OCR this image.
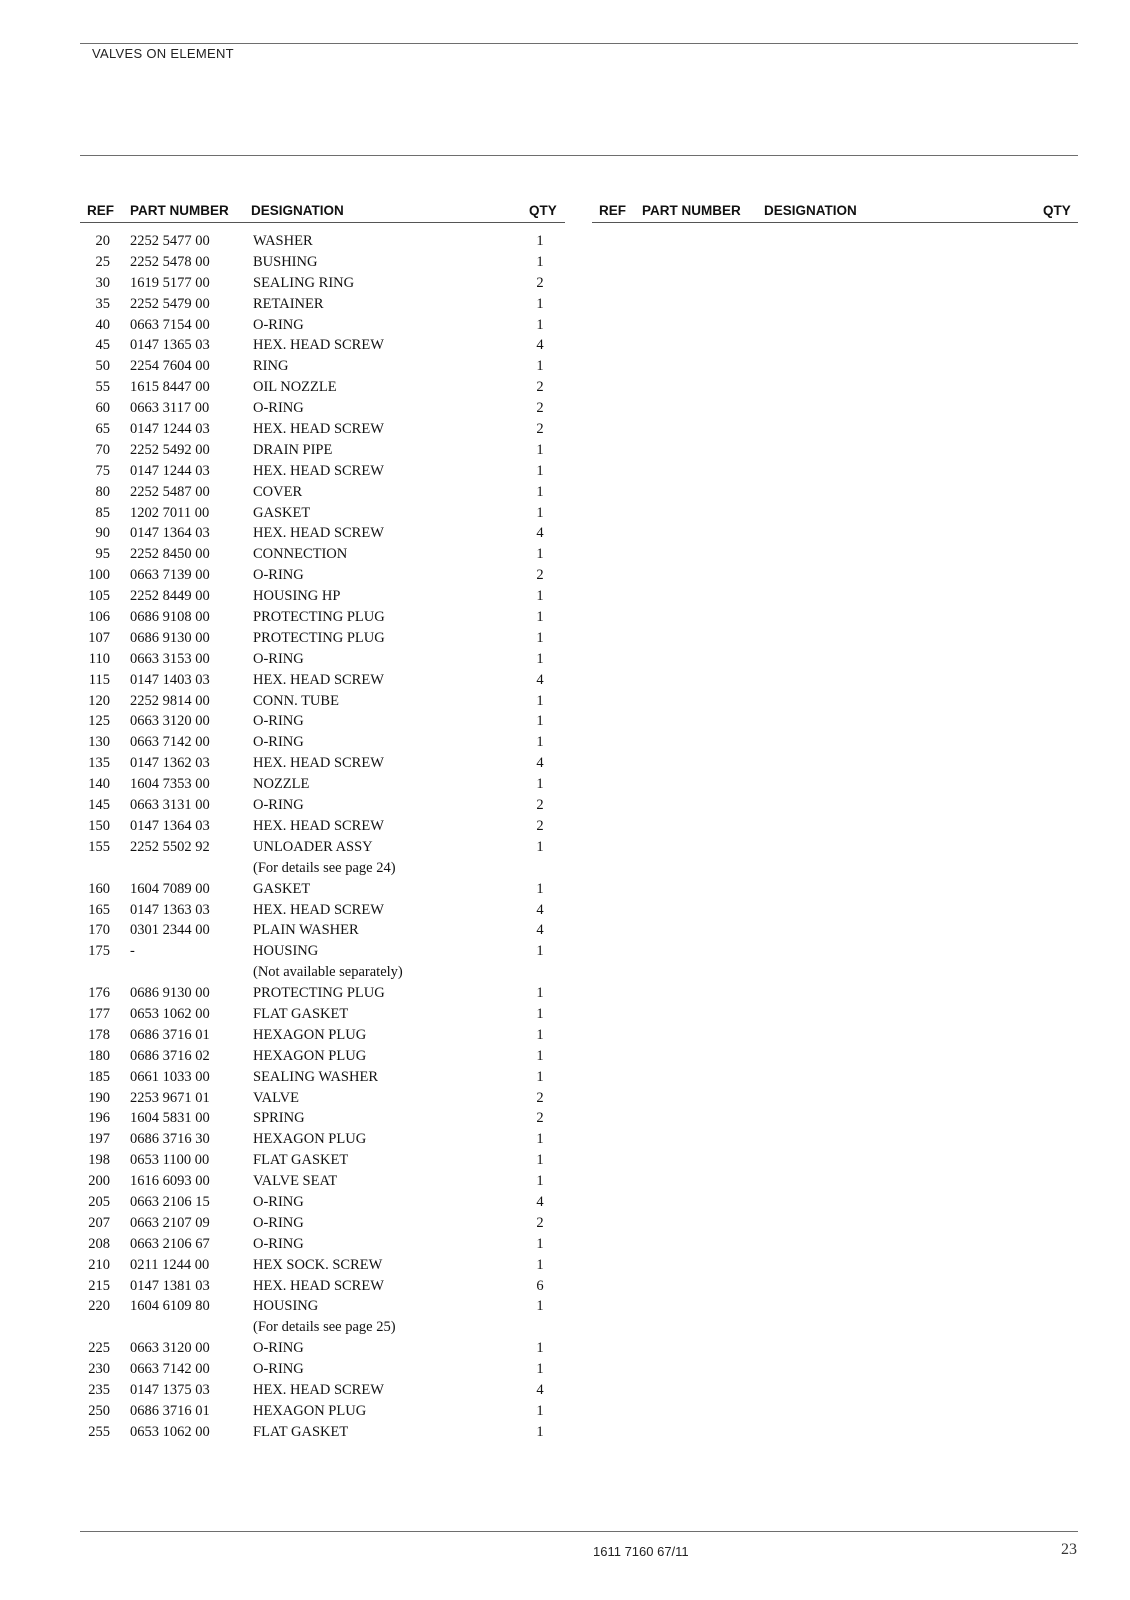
VALVES ON ELEMENT
REF PART NUMBER DESIGNATION	QTY	REF PART NUMBER DESIGNATION	QTY
20 2252 5477 00	WASHER	1
25 2252 5478 00	BUSHING	1
30 1619 5177 00	SEALING RING	2
35 2252 5479 00	RETAINER	1
40 0663 7154 00	O-RING	1
45 0147 1365 03	HEX. HEAD SCREW	4
50 2254 7604 00	RING	1
55 1615 8447 00	OIL NOZZLE	2
60 0663 3117 00	O-RING	2
65 0147 1244 03	HEX. HEAD SCREW	2
70 2252 5492 00	DRAIN PIPE	1
75 0147 1244 03	HEX. HEAD SCREW	1
80 2252 5487 00	COVER	1
85 1202 7011 00	GASKET	1
90 0147 1364 03	HEX. HEAD SCREW	4
95 2252 8450 00	CONNECTION	1
100 0663 7139 00	O-RING	2
105 2252 8449 00	HOUSING HP	1
106 0686 9108 00	PROTECTING PLUG	1
107 0686 9130 00	PROTECTING PLUG	1
110 0663 3153 00	O-RING	1
115 0147 1403 03	HEX. HEAD SCREW	4
120 2252 9814 00	CONN. TUBE	1
125 0663 3120 00	O-RING	1
130 0663 7142 00	O-RING	1
135 0147 1362 03	HEX. HEAD SCREW	4
140 1604 7353 00	NOZZLE	1
145 0663 3131 00	O-RING	2
150 0147 1364 03	HEX. HEAD SCREW	2
155 2252 5502 92	UNLOADER ASSY	1
(For details see page 24)
160 1604 7089 00	GASKET	1
165 0147 1363 03	HEX. HEAD SCREW	4
170 0301 2344 00	PLAIN WASHER	4
175 -	HOUSING	1
(Not available separately)
176 0686 9130 00	PROTECTING PLUG	1
177 0653 1062 00	FLAT GASKET	1
178 0686 3716 01	HEXAGON PLUG	1
180 0686 3716 02	HEXAGON PLUG	1
185 0661 1033 00	SEALING WASHER	1
190 2253 9671 01	VALVE	2
196 1604 5831 00	SPRING	2
197 0686 3716 30	HEXAGON PLUG	1
198 0653 1100 00	FLAT GASKET	1
200 1616 6093 00	VALVE SEAT	1
205 0663 2106 15	O-RING	4
207 0663 2107 09	O-RING	2
208 0663 2106 67	O-RING	1
210 0211 1244 00	HEX SOCK. SCREW	1
215 0147 1381 03	HEX. HEAD SCREW	6
220 1604 6109 80	HOUSING	1
(For details see page 25)
225 0663 3120 00	O-RING	1
230 0663 7142 00	O-RING	1
235 0147 1375 03	HEX. HEAD SCREW	4
250 0686 3716 01	HEXAGON PLUG	1
255 0653 1062 00	FLAT GASKET	1
1611 7160 67/11	23
